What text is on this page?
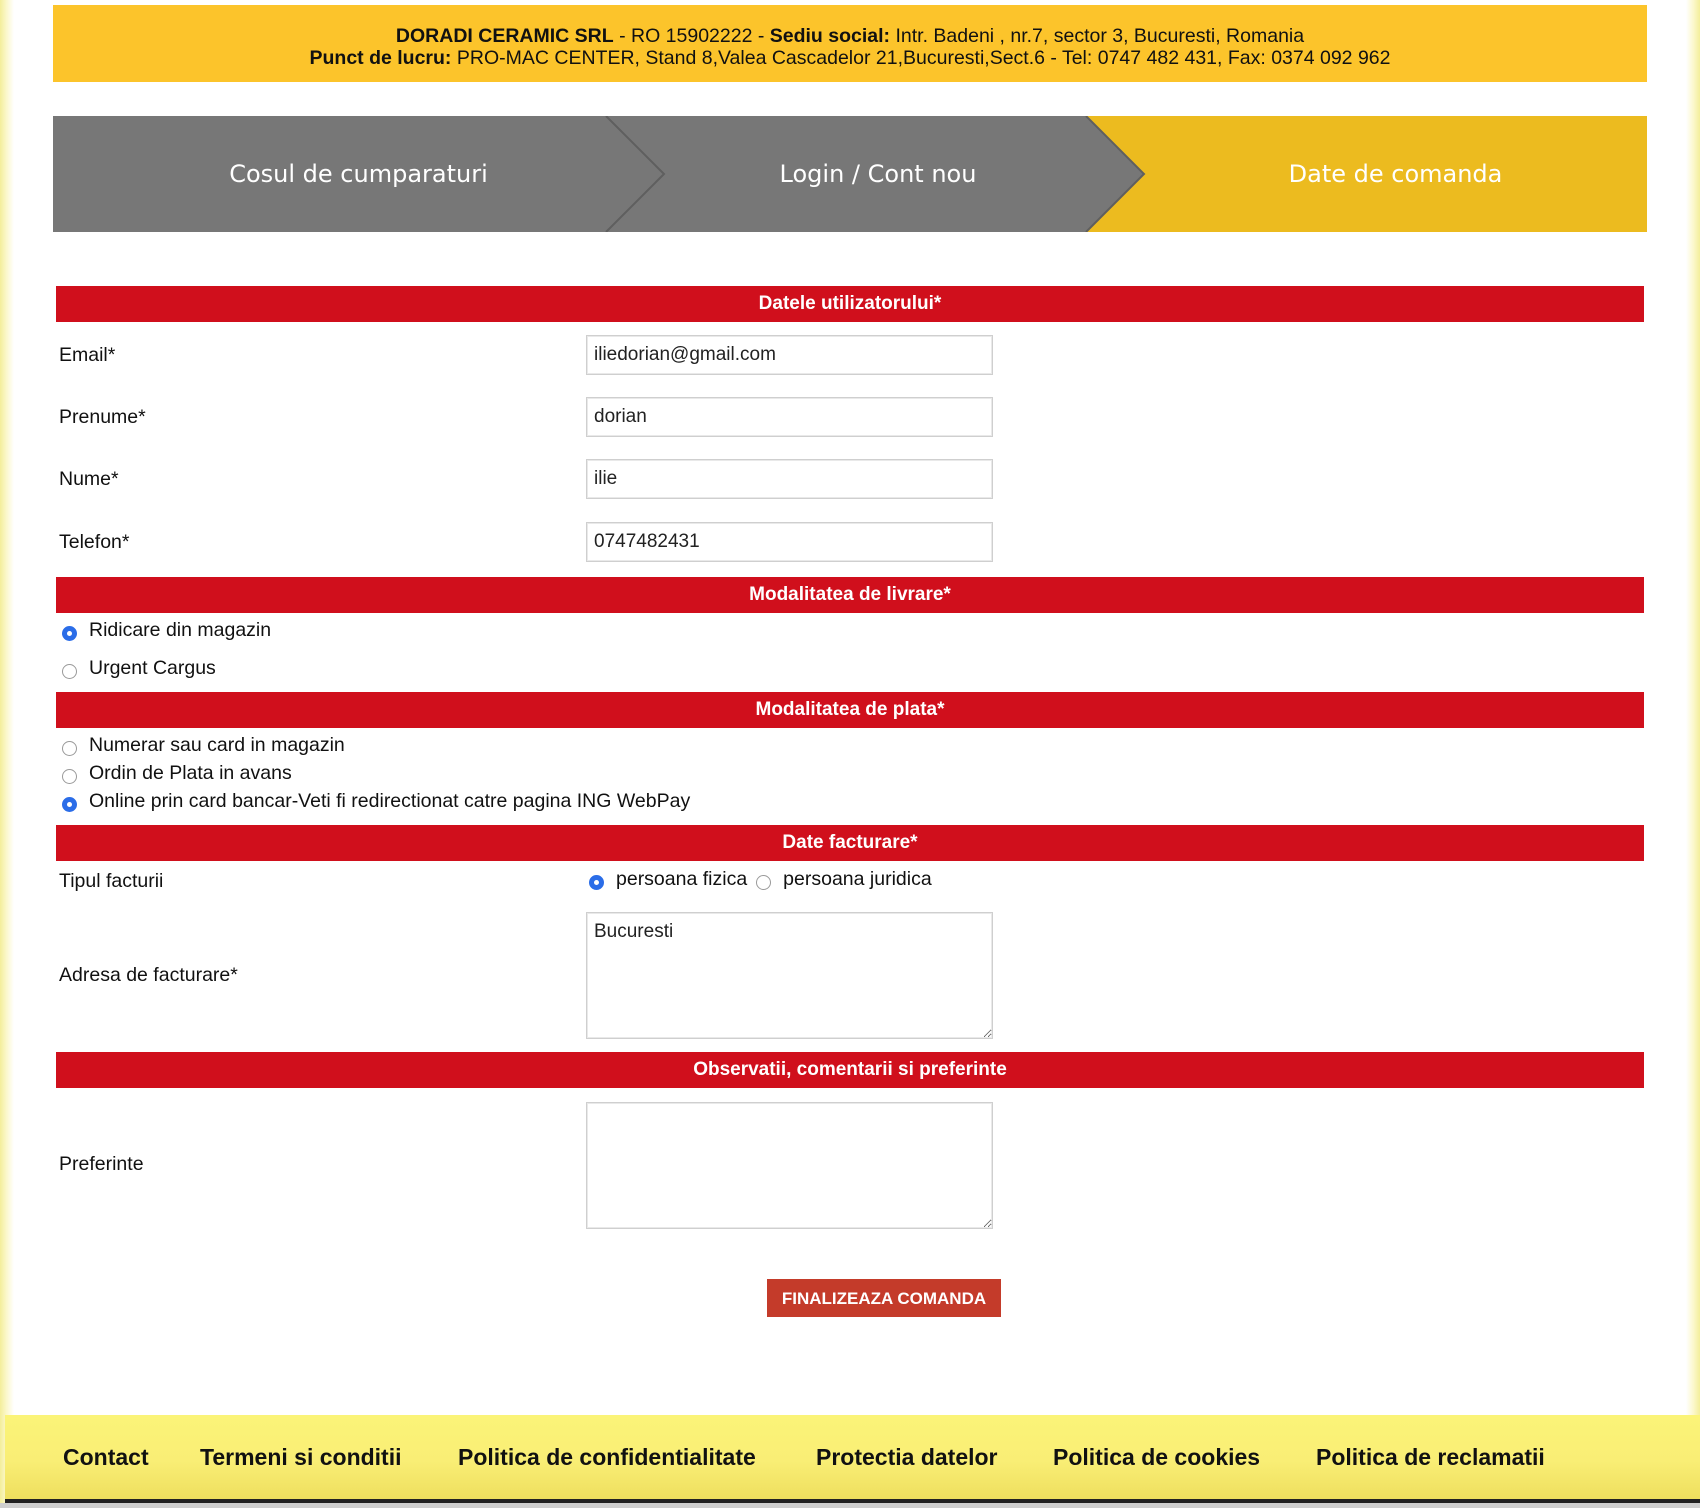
DORADI CERAMIC SRL - RO 15902222 - Sediu social: Intr. Badeni , nr.7, sector 3, Bucuresti, Romania
Punct de lucru: PRO-MAC CENTER, Stand 8,Valea Cascadelor 21,Bucuresti,Sect.6 - Tel: 0747 482 431, Fax: 0374 092 962
Cosul de cumparaturi	Login / Cont nou	Date de comanda
Datele utilizatorului*
Email*
iliedorian@gmail.com
Prenume*
dorian
Nume*
ilie
Telefon*
0747482431
Modalitatea de livrare*
Ridicare din magazin
Urgent Cargus
Modalitatea de plata*
Numerar sau card in magazin
Ordin de Plata in avans
Online prin card bancar-Veti fi redirectionat catre pagina ING WebPay
Date facturare*
Tipul facturii	persoana fizica persoana juridica
Adresa de facturare*
Bucuresti
Observatii, comentarii si preferinte
Preferinte
FINALIZEAZA COMANDA
Contact Termeni si conditii Politica de confidentialitate	Protectia datelor Politica de cookies Politica de reclamatii
